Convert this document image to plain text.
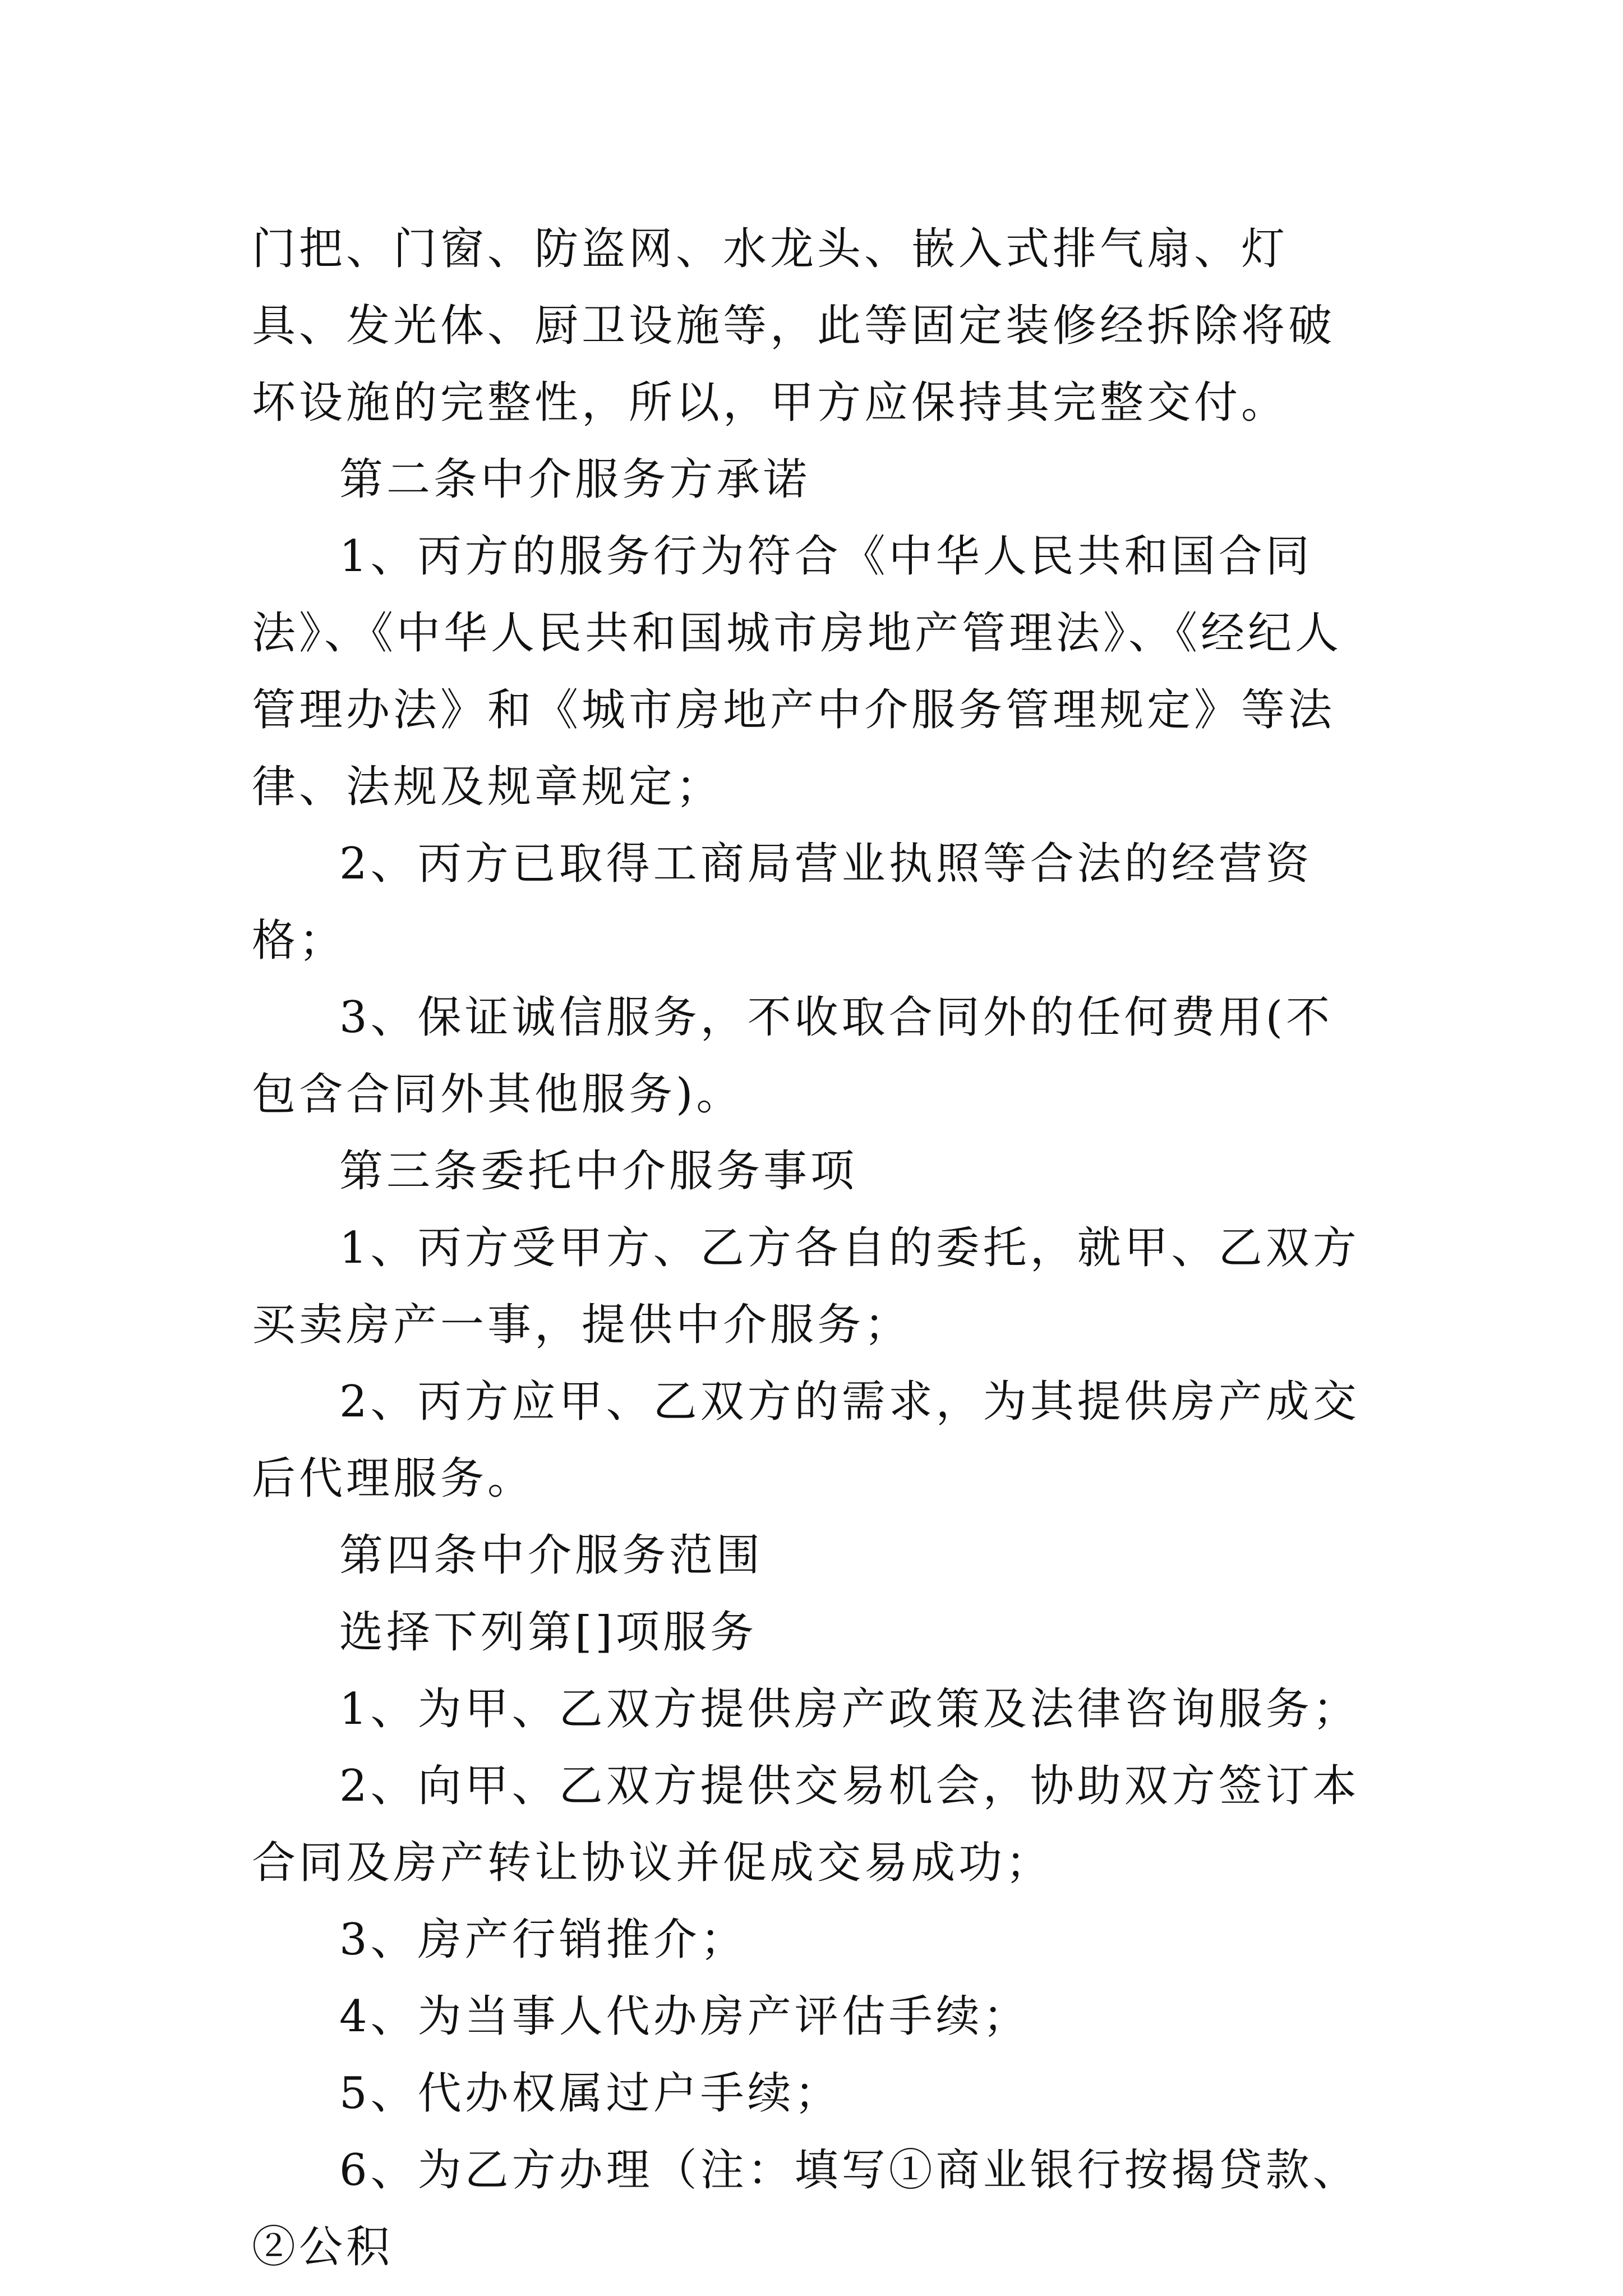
门把、门窗、防盗网、水龙头、嵌入式排气扇、灯具、发光体、厨卫设施等，此等固定装修经拆除将破坏设施的完整性，所以，甲方应保持其完整交付。

第二条中介服务方承诺

1、丙方的服务行为符合《中华人民共和国合同法》、《中华人民共和国城市房地产管理法》、《经纪人管理办法》和《城市房地产中介服务管理规定》等法律、法规及规章规定；

2、丙方已取得工商局营业执照等合法的经营资格；

3、保证诚信服务，不收取合同外的任何费用(不包含合同外其他服务)。

第三条委托中介服务事项

1、丙方受甲方、乙方各自的委托，就甲、乙双方买卖房产一事，提供中介服务；

2、丙方应甲、乙双方的需求，为其提供房产成交后代理服务。

第四条中介服务范围

选择下列第[]项服务

1、为甲、乙双方提供房产政策及法律咨询服务；

2、向甲、乙双方提供交易机会，协助双方签订本合同及房产转让协议并促成交易成功；

3、房产行销推介；

4、为当事人代办房产评估手续；

5、代办权属过户手续；

6、为乙方办理（注：填写①商业银行按揭贷款、②公积
